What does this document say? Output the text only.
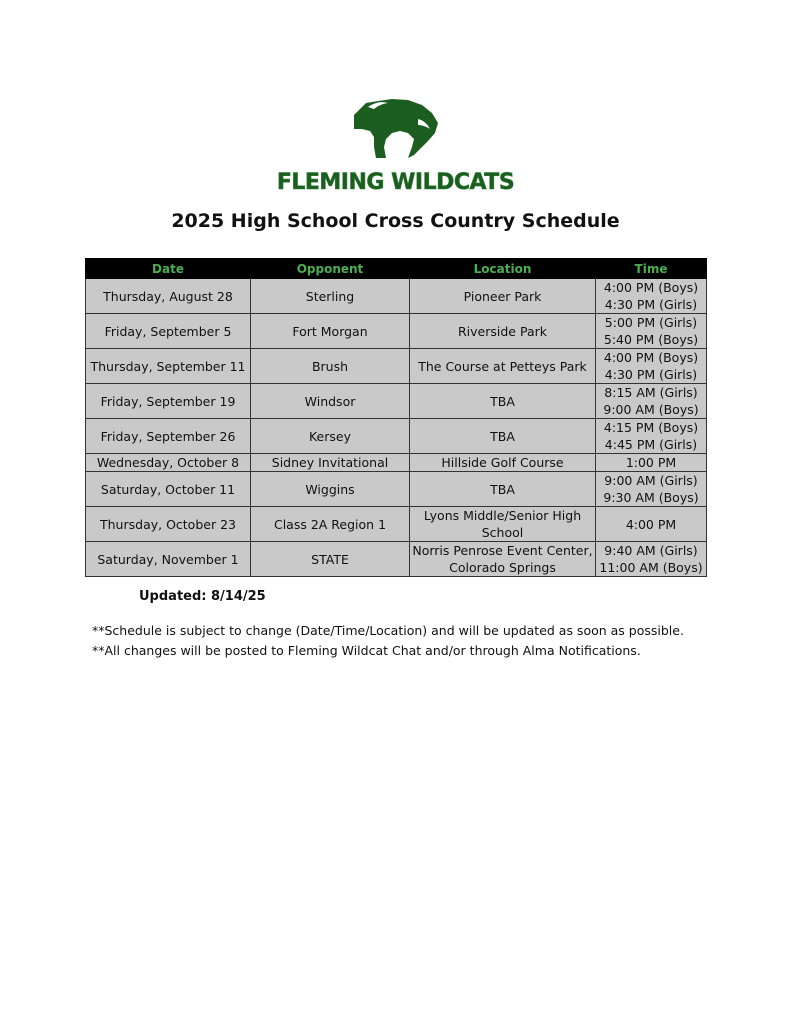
FLEMING WILDCATS
2025 High School Cross Country Schedule
Date	Opponent	Location	Time
Thursday, August 28	Sterling	Pioneer Park	4:00 PM (Boys)
4:30 PM (Girls)

Friday, September 5	Fort Morgan	Riverside Park	5:00 PM (Girls)
5:40 PM (Boys)

Thursday, September 11	Brush	The Course at Petteys Park	4:00 PM (Boys)
4:30 PM (Girls)

Friday, September 19	Windsor	TBA	8:15 AM (Girls)
9:00 AM (Boys)

Friday, September 26	Kersey	TBA	4:15 PM (Boys)
4:45 PM (Girls)

Wednesday, October 8	Sidney Invitational	Hillside Golf Course	1:00 PM

Saturday, October 11	Wiggins	TBA	9:00 AM (Girls)
9:30 AM (Boys)

Thursday, October 23	Class 2A Region 1	Lyons Middle/Senior High School	4:00 PM

Saturday, November 1	STATE	Norris Penrose Event Center, Colorado Springs	9:40 AM (Girls)
11:00 AM (Boys)
Updated: 8/14/25
**Schedule is subject to change (Date/Time/Location) and will be updated as soon as possible.
**All changes will be posted to Fleming Wildcat Chat and/or through Alma Notifications.
